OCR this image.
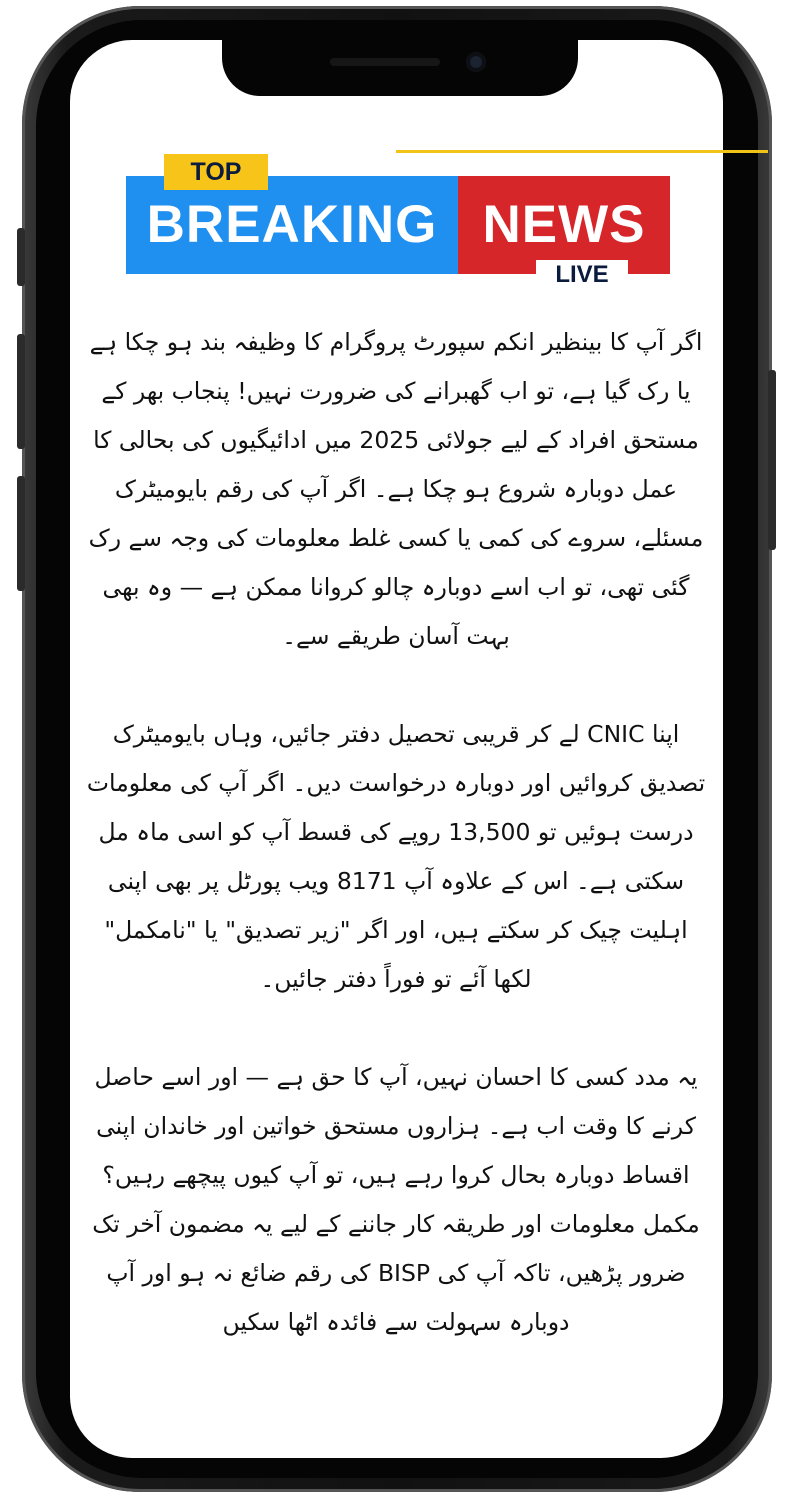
BREAKING NEWS
TOP
LIVE

اگر آپ کا بینظیر انکم سپورٹ پروگرام کا وظیفہ بند ہو چکا ہے یا رک گیا ہے، تو اب گھبرانے کی ضرورت نہیں! پنجاب بھر کے مستحق افراد کے لیے جولائی 2025 میں ادائیگیوں کی بحالی کا عمل دوبارہ شروع ہو چکا ہے۔ اگر آپ کی رقم بایومیٹرک مسئلے، سروے کی کمی یا کسی غلط معلومات کی وجہ سے رک گئی تھی، تو اب اسے دوبارہ چالو کروانا ممکن ہے — وہ بھی بہت آسان طریقے سے۔

اپنا CNIC لے کر قریبی تحصیل دفتر جائیں، وہاں بایومیٹرک تصدیق کروائیں اور دوبارہ درخواست دیں۔ اگر آپ کی معلومات درست ہوئیں تو 13,500 روپے کی قسط آپ کو اسی ماہ مل سکتی ہے۔ اس کے علاوہ آپ 8171 ویب پورٹل پر بھی اپنی اہلیت چیک کر سکتے ہیں، اور اگر "زیر تصدیق" یا "نامکمل" لکھا آئے تو فوراً دفتر جائیں۔

یہ مدد کسی کا احسان نہیں، آپ کا حق ہے — اور اسے حاصل کرنے کا وقت اب ہے۔ ہزاروں مستحق خواتین اور خاندان اپنی اقساط دوبارہ بحال کروا رہے ہیں، تو آپ کیوں پیچھے رہیں؟ مکمل معلومات اور طریقہ کار جاننے کے لیے یہ مضمون آخر تک ضرور پڑھیں، تاکہ آپ کی BISP کی رقم ضائع نہ ہو اور آپ دوبارہ سہولت سے فائدہ اٹھا سکیں
